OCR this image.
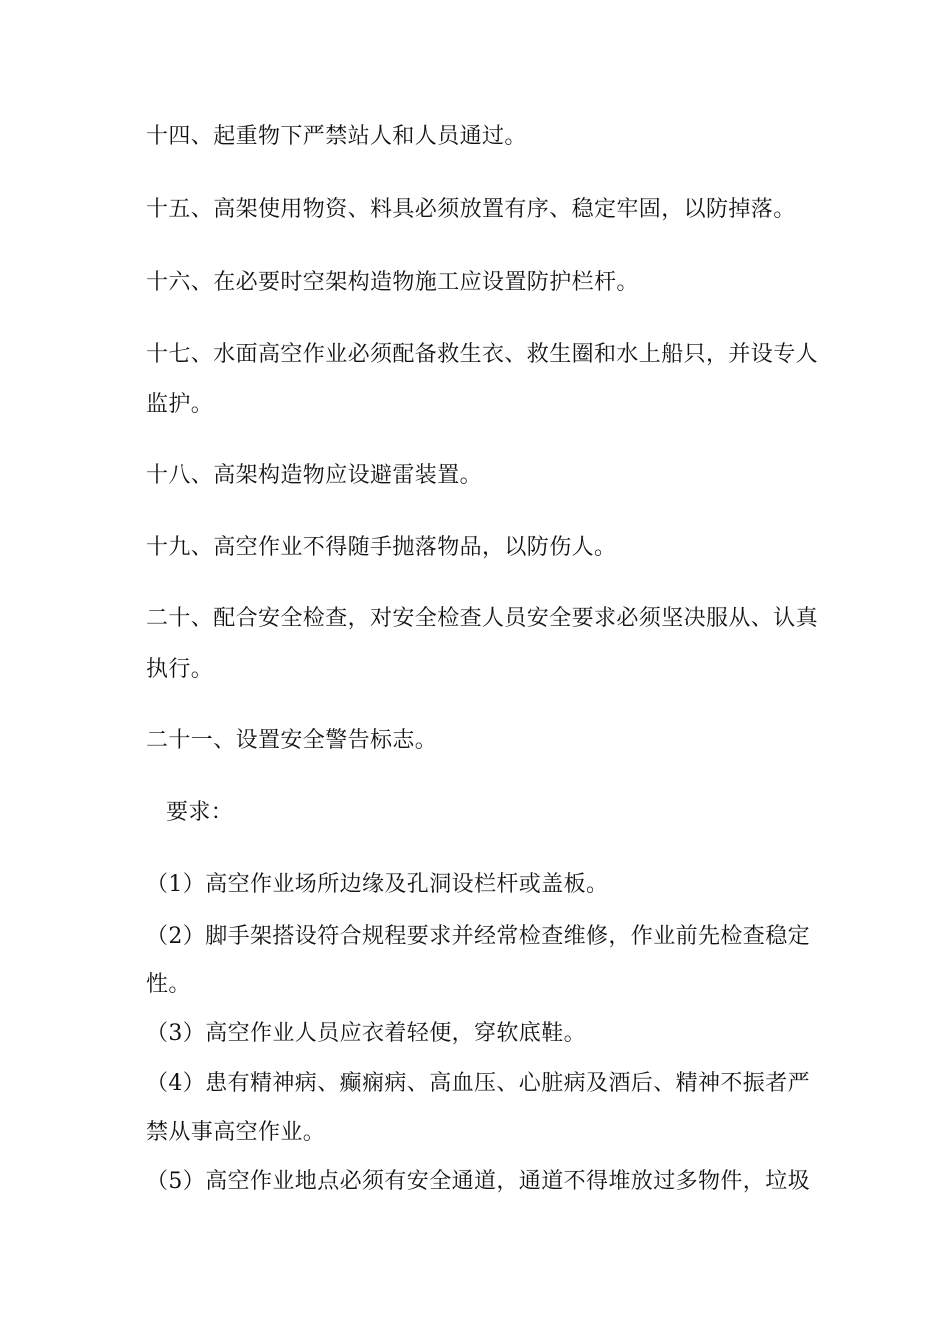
十四、起重物下严禁站人和人员通过。
十五、高架使用物资、料具必须放置有序、稳定牢固，以防掉落。
十六、在必要时空架构造物施工应设置防护栏杆。
十七、水面高空作业必须配备救生衣、救生圈和水上船只，并设专人
监护。
十八、高架构造物应设避雷装置。
十九、高空作业不得随手抛落物品，以防伤人。
二十、配合安全检查，对安全检查人员安全要求必须坚决服从、认真
执行。
二十一、设置安全警告标志。
要求：
（1）高空作业场所边缘及孔洞设栏杆或盖板。
（2）脚手架搭设符合规程要求并经常检查维修，作业前先检查稳定
性。
（3）高空作业人员应衣着轻便，穿软底鞋。
（4）患有精神病、癫痫病、高血压、心脏病及酒后、精神不振者严
禁从事高空作业。
（5）高空作业地点必须有安全通道，通道不得堆放过多物件，垃圾
